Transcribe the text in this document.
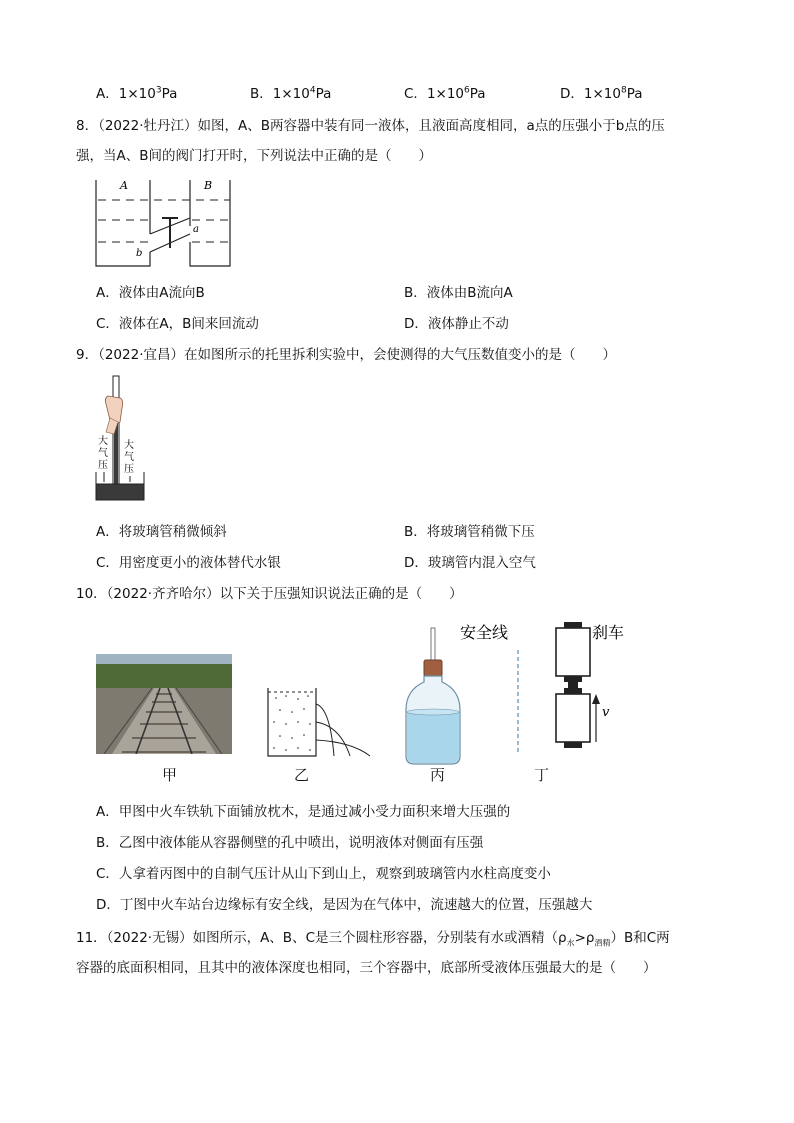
A．$1\times 10^3Pa$	B．$1\times 10^4Pa$	C．$1\times 10^6Pa$	D．$1\times 10^8Pa$
8．（2022·牡丹江）如图，A、B两容器中装有同一液体，且液面高度相同，a点的压强小于b点的压
强，当A、B间的阀门打开时，下列说法中正确的是（　　）
A	B
a
b
A．液体由A流向B	B．液体由B流向A
C．液体在A，B间来回流动	D．液体静止不动
9．（2022·宜昌）在如图所示的托里拆利实验中，会使测得的大气压数值变小的是（　　）
大
气
压
大
气
压
A．将玻璃管稍微倾斜	B．将玻璃管稍微下压
C．用密度更小的液体替代水银	D．玻璃管内混入空气
10．（2022·齐齐哈尔）以下关于压强知识说法正确的是（　　）
安全线	刹车
v
甲	乙	丙	丁
A．甲图中火车铁轨下面铺放枕木，是通过减小受力面积来增大压强的
B．乙图中液体能从容器侧壁的孔中喷出，说明液体对侧面有压强
C．人拿着丙图中的自制气压计从山下到山上，观察到玻璃管内水柱高度变小
D．丁图中火车站台边缘标有安全线，是因为在气体中，流速越大的位置，压强越大
11．（2022·无锡）如图所示，A、B、C是三个圆柱形容器，分别装有水或酒精$(\rho_水>\rho_{酒精})B$和C两
容器的底面积相同，且其中的液体深度也相同，三个容器中，底部所受液体压强最大的是（　　）
